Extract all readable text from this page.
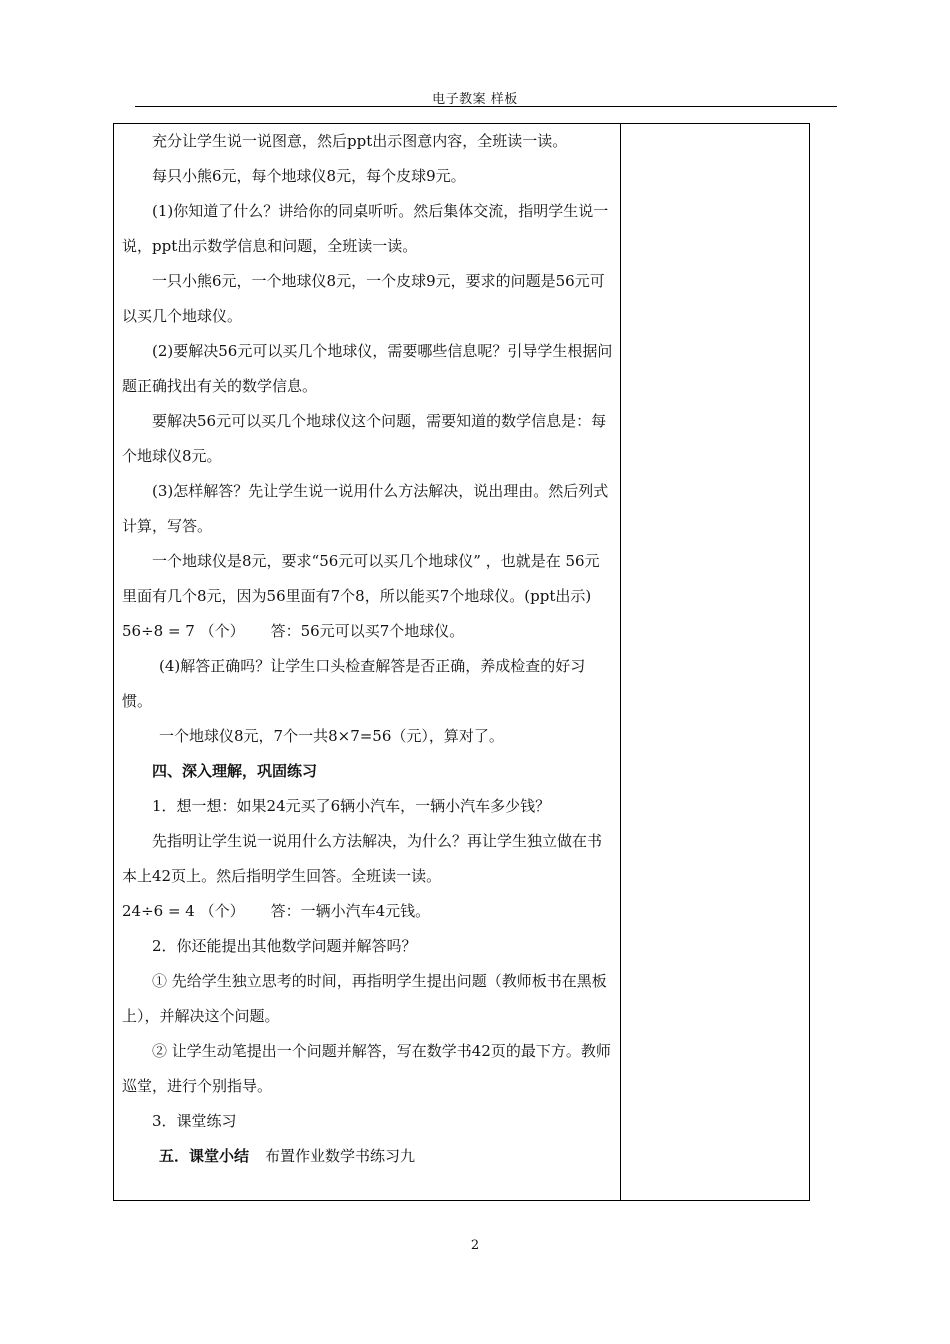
电子教案 样板

充分让学生说一说图意，然后ppt出示图意内容，全班读一读。

每只小熊6元，每个地球仪8元，每个皮球9元。

(1)你知道了什么？讲给你的同桌听听。然后集体交流，指明学生说一说，ppt出示数学信息和问题，全班读一读。

一只小熊6元，一个地球仪8元，一个皮球9元，要求的问题是56元可以买几个地球仪。

(2)要解决56元可以买几个地球仪，需要哪些信息呢？引导学生根据问题正确找出有关的数学信息。

要解决56元可以买几个地球仪这个问题，需要知道的数学信息是：每个地球仪8元。

(3)怎样解答？先让学生说一说用什么方法解决，说出理由。然后列式计算，写答。

一个地球仪是8元，要求“56元可以买几个地球仪” ，也就是在 56元里面有几个8元，因为56里面有7个8，所以能买7个地球仪。(ppt出示)

56÷8 = 7 （个） 答：56元可以买7个地球仪。

(4)解答正确吗？让学生口头检查解答是否正确，养成检查的好习惯。

一个地球仪8元，7个一共8×7=56（元），算对了。

四、深入理解，巩固练习

1．想一想：如果24元买了6辆小汽车，一辆小汽车多少钱？

先指明让学生说一说用什么方法解决，为什么？再让学生独立做在书本上42页上。然后指明学生回答。全班读一读。

24÷6 = 4 （个） 答：一辆小汽车4元钱。

2．你还能提出其他数学问题并解答吗？

① 先给学生独立思考的时间，再指明学生提出问题（教师板书在黑板上），并解决这个问题。

② 让学生动笔提出一个问题并解答，写在数学书42页的最下方。教师巡堂，进行个别指导。

3．课堂练习

五．课堂小结 布置作业数学书练习九

2
